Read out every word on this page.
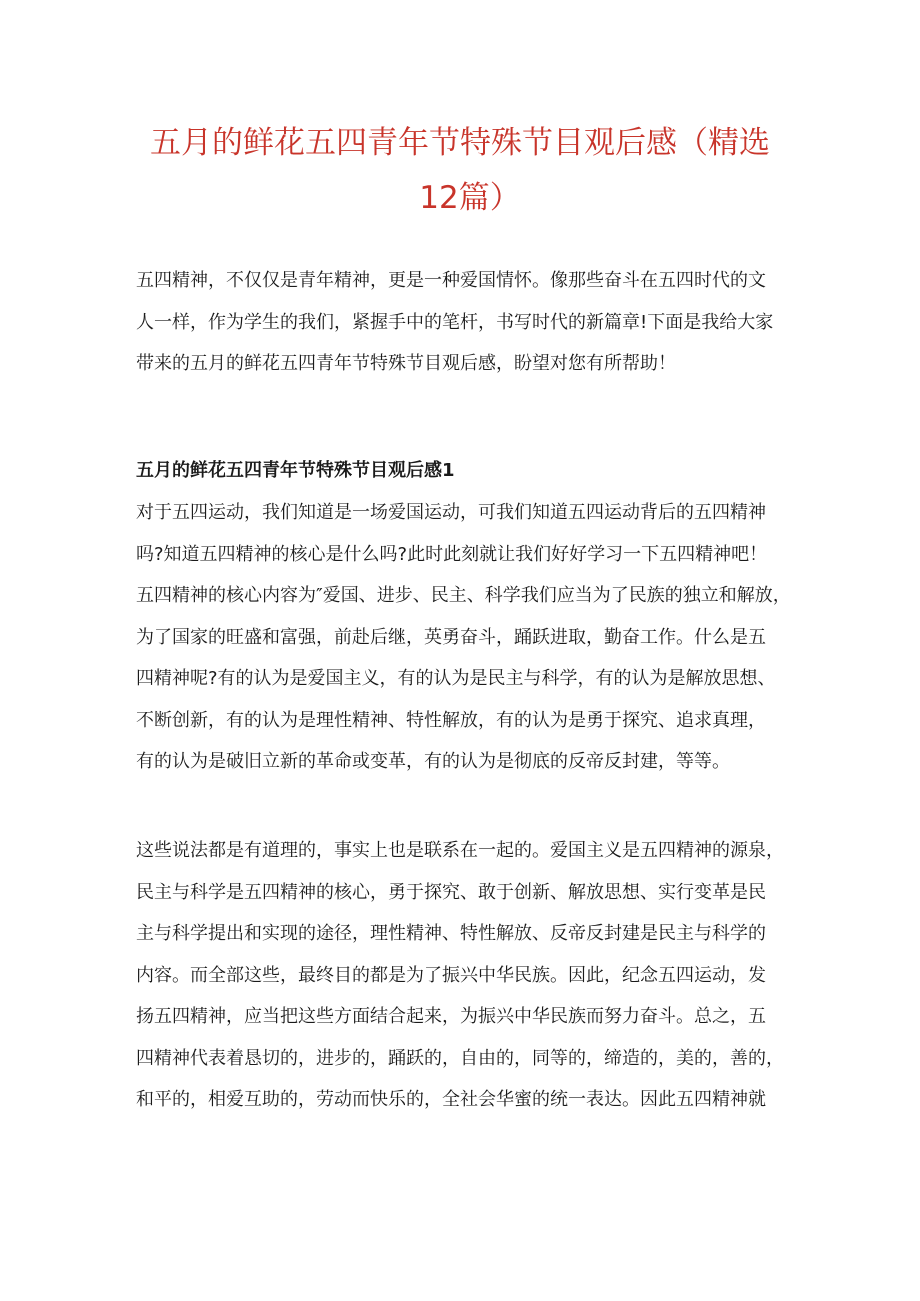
五月的鲜花五四青年节特殊节目观后感（精选
12篇）

五四精神，不仅仅是青年精神，更是一种爱国情怀。像那些奋斗在五四时代的文
人一样，作为学生的我们，紧握手中的笔杆，书写时代的新篇章!下面是我给大家
带来的五月的鲜花五四青年节特殊节目观后感，盼望对您有所帮助！

五月的鲜花五四青年节特殊节目观后感1

对于五四运动，我们知道是一场爱国运动，可我们知道五四运动背后的五四精神
吗?知道五四精神的核心是什么吗?此时此刻就让我们好好学习一下五四精神吧！
五四精神的核心内容为″爱国、进步、民主、科学我们应当为了民族的独立和解放，
为了国家的旺盛和富强，前赴后继，英勇奋斗，踊跃进取，勤奋工作。什么是五
四精神呢?有的认为是爱国主义，有的认为是民主与科学，有的认为是解放思想、
不断创新，有的认为是理性精神、特性解放，有的认为是勇于探究、追求真理，
有的认为是破旧立新的革命或变革，有的认为是彻底的反帝反封建，等等。

这些说法都是有道理的，事实上也是联系在一起的。爱国主义是五四精神的源泉，
民主与科学是五四精神的核心，勇于探究、敢于创新、解放思想、实行变革是民
主与科学提出和实现的途径，理性精神、特性解放、反帝反封建是民主与科学的
内容。而全部这些，最终目的都是为了振兴中华民族。因此，纪念五四运动，发
扬五四精神，应当把这些方面结合起来，为振兴中华民族而努力奋斗。总之，五
四精神代表着恳切的，进步的，踊跃的，自由的，同等的，缔造的，美的，善的，
和平的，相爱互助的，劳动而快乐的，全社会华蜜的统一表达。因此五四精神就
